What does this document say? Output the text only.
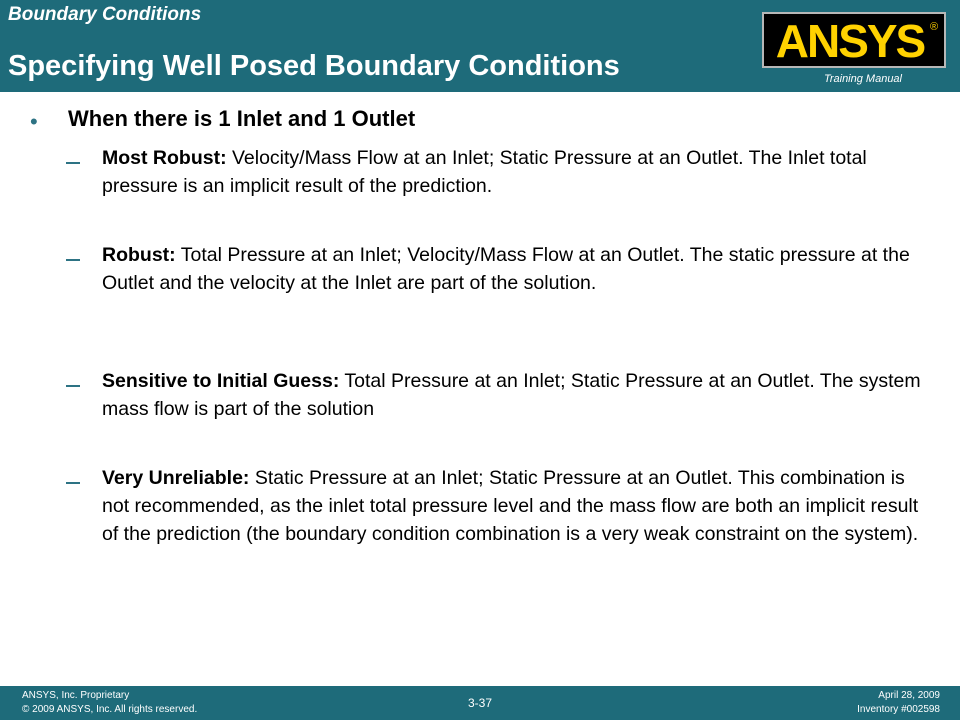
Boundary Conditions
Specifying Well Posed Boundary Conditions	ANSYS ®
Training Manual
• When there is 1 Inlet and 1 Outlet
Most Robust: Velocity/Mass Flow at an Inlet; Static Pressure at an Outlet. The Inlet total pressure is an implicit result of the prediction.
Robust: Total Pressure at an Inlet; Velocity/Mass Flow at an Outlet. The static pressure at the Outlet and the velocity at the Inlet are part of the solution.
Sensitive to Initial Guess: Total Pressure at an Inlet; Static Pressure at an Outlet. The system mass flow is part of the solution
Very Unreliable: Static Pressure at an Inlet; Static Pressure at an Outlet. This combination is not recommended, as the inlet total pressure level and the mass flow are both an implicit result of the prediction (the boundary condition combination is a very weak constraint on the system).
ANSYS, Inc. Proprietary
© 2009 ANSYS, Inc. All rights reserved.	3-37
April 28, 2009
Inventory #002598
